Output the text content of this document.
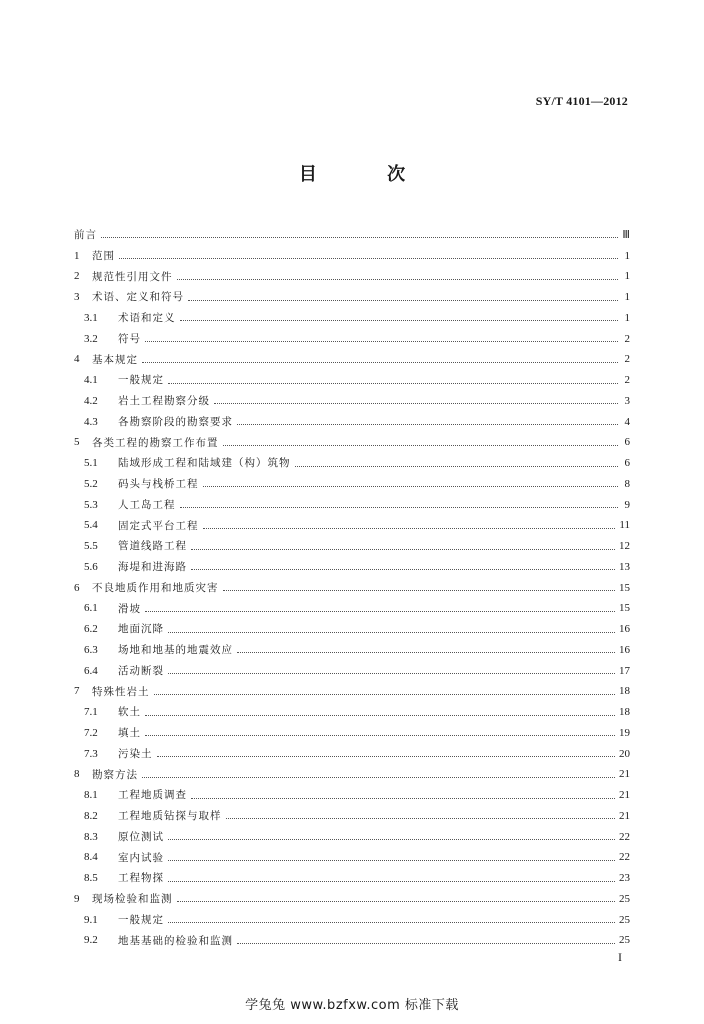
SY/T 4101—2012
目 次
前言	Ⅲ
1	范围	1
2	规范性引用文件	1
3	术语、定义和符号	1
3.1	术语和定义	1
3.2	符号	2
4	基本规定	2
4.1	一般规定	2
4.2	岩土工程勘察分级	3
4.3	各勘察阶段的勘察要求	4
5	各类工程的勘察工作布置	6
5.1	陆域形成工程和陆域建（构）筑物	6
5.2	码头与栈桥工程	8
5.3	人工岛工程	9
5.4	固定式平台工程	11
5.5	管道线路工程	12
5.6	海堤和进海路	13
6	不良地质作用和地质灾害	15
6.1	滑坡	15
6.2	地面沉降	16
6.3	场地和地基的地震效应	16
6.4	活动断裂	17
7	特殊性岩土	18
7.1	软土	18
7.2	填土	19
7.3	污染土	20
8	勘察方法	21
8.1	工程地质调查	21
8.2	工程地质钻探与取样	21
8.3	原位测试	22
8.4	室内试验	22
8.5	工程物探	23
9	现场检验和监测	25
9.1	一般规定	25
9.2	地基基础的检验和监测	25
I
学兔兔 www.bzfxw.com 标准下载
